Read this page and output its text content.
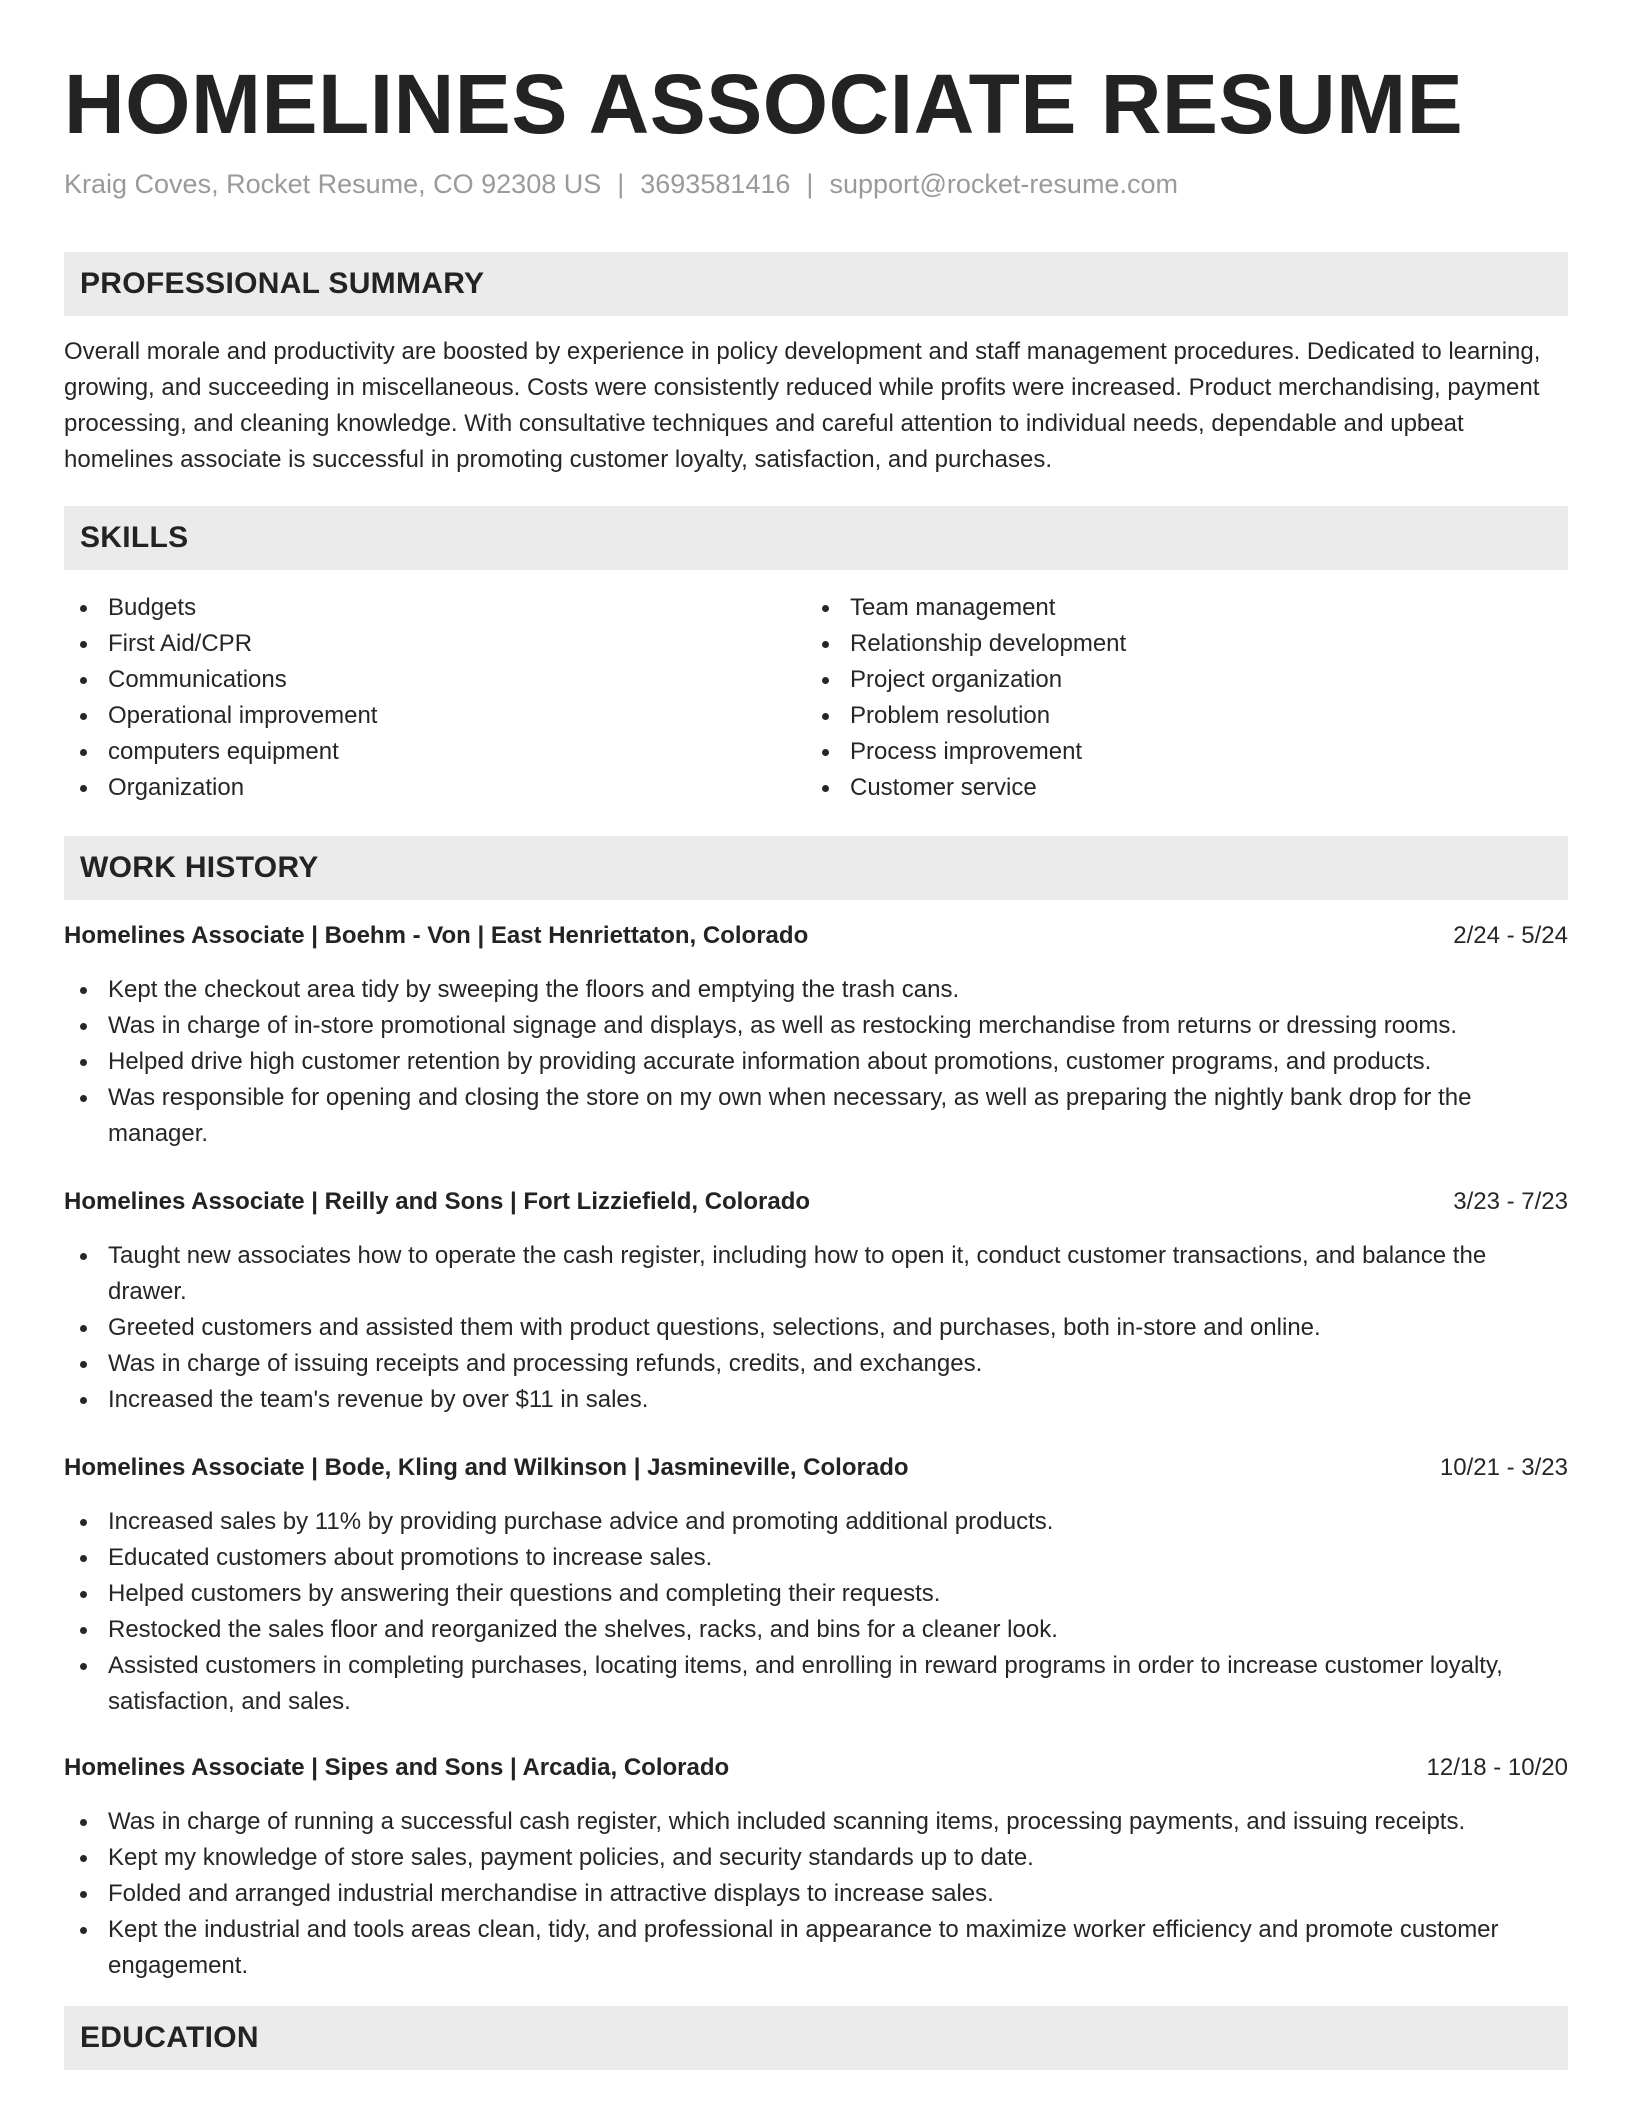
HOMELINES ASSOCIATE RESUME
Kraig Coves, Rocket Resume, CO 92308 US | 3693581416 | support@rocket-resume.com
PROFESSIONAL SUMMARY

Overall morale and productivity are boosted by experience in policy development and staff management procedures. Dedicated to learning, growing, and succeeding in miscellaneous. Costs were consistently reduced while profits were increased. Product merchandising, payment processing, and cleaning knowledge. With consultative techniques and careful attention to individual needs, dependable and upbeat homelines associate is successful in promoting customer loyalty, satisfaction, and purchases.

SKILLS
Budgets
First Aid/CPR
Communications
Operational improvement
computers equipment
Organization
Team management
Relationship development
Project organization
Problem resolution
Process improvement
Customer service
WORK HISTORY
Homelines Associate | Boehm - Von | East Henriettaton, Colorado	2/24 - 5/24
Kept the checkout area tidy by sweeping the floors and emptying the trash cans.
Was in charge of in-store promotional signage and displays, as well as restocking merchandise from returns or dressing rooms.
Helped drive high customer retention by providing accurate information about promotions, customer programs, and products.
Was responsible for opening and closing the store on my own when necessary, as well as preparing the nightly bank drop for the manager.
Homelines Associate | Reilly and Sons | Fort Lizziefield, Colorado	3/23 - 7/23
Taught new associates how to operate the cash register, including how to open it, conduct customer transactions, and balance the drawer.
Greeted customers and assisted them with product questions, selections, and purchases, both in-store and online.
Was in charge of issuing receipts and processing refunds, credits, and exchanges.
Increased the team's revenue by over $11 in sales.
Homelines Associate | Bode, Kling and Wilkinson | Jasmineville, Colorado	10/21 - 3/23
Increased sales by 11% by providing purchase advice and promoting additional products.
Educated customers about promotions to increase sales.
Helped customers by answering their questions and completing their requests.
Restocked the sales floor and reorganized the shelves, racks, and bins for a cleaner look.
Assisted customers in completing purchases, locating items, and enrolling in reward programs in order to increase customer loyalty, satisfaction, and sales.
Homelines Associate | Sipes and Sons | Arcadia, Colorado	12/18 - 10/20
Was in charge of running a successful cash register, which included scanning items, processing payments, and issuing receipts.
Kept my knowledge of store sales, payment policies, and security standards up to date.
Folded and arranged industrial merchandise in attractive displays to increase sales.
Kept the industrial and tools areas clean, tidy, and professional in appearance to maximize worker efficiency and promote customer engagement.
EDUCATION
